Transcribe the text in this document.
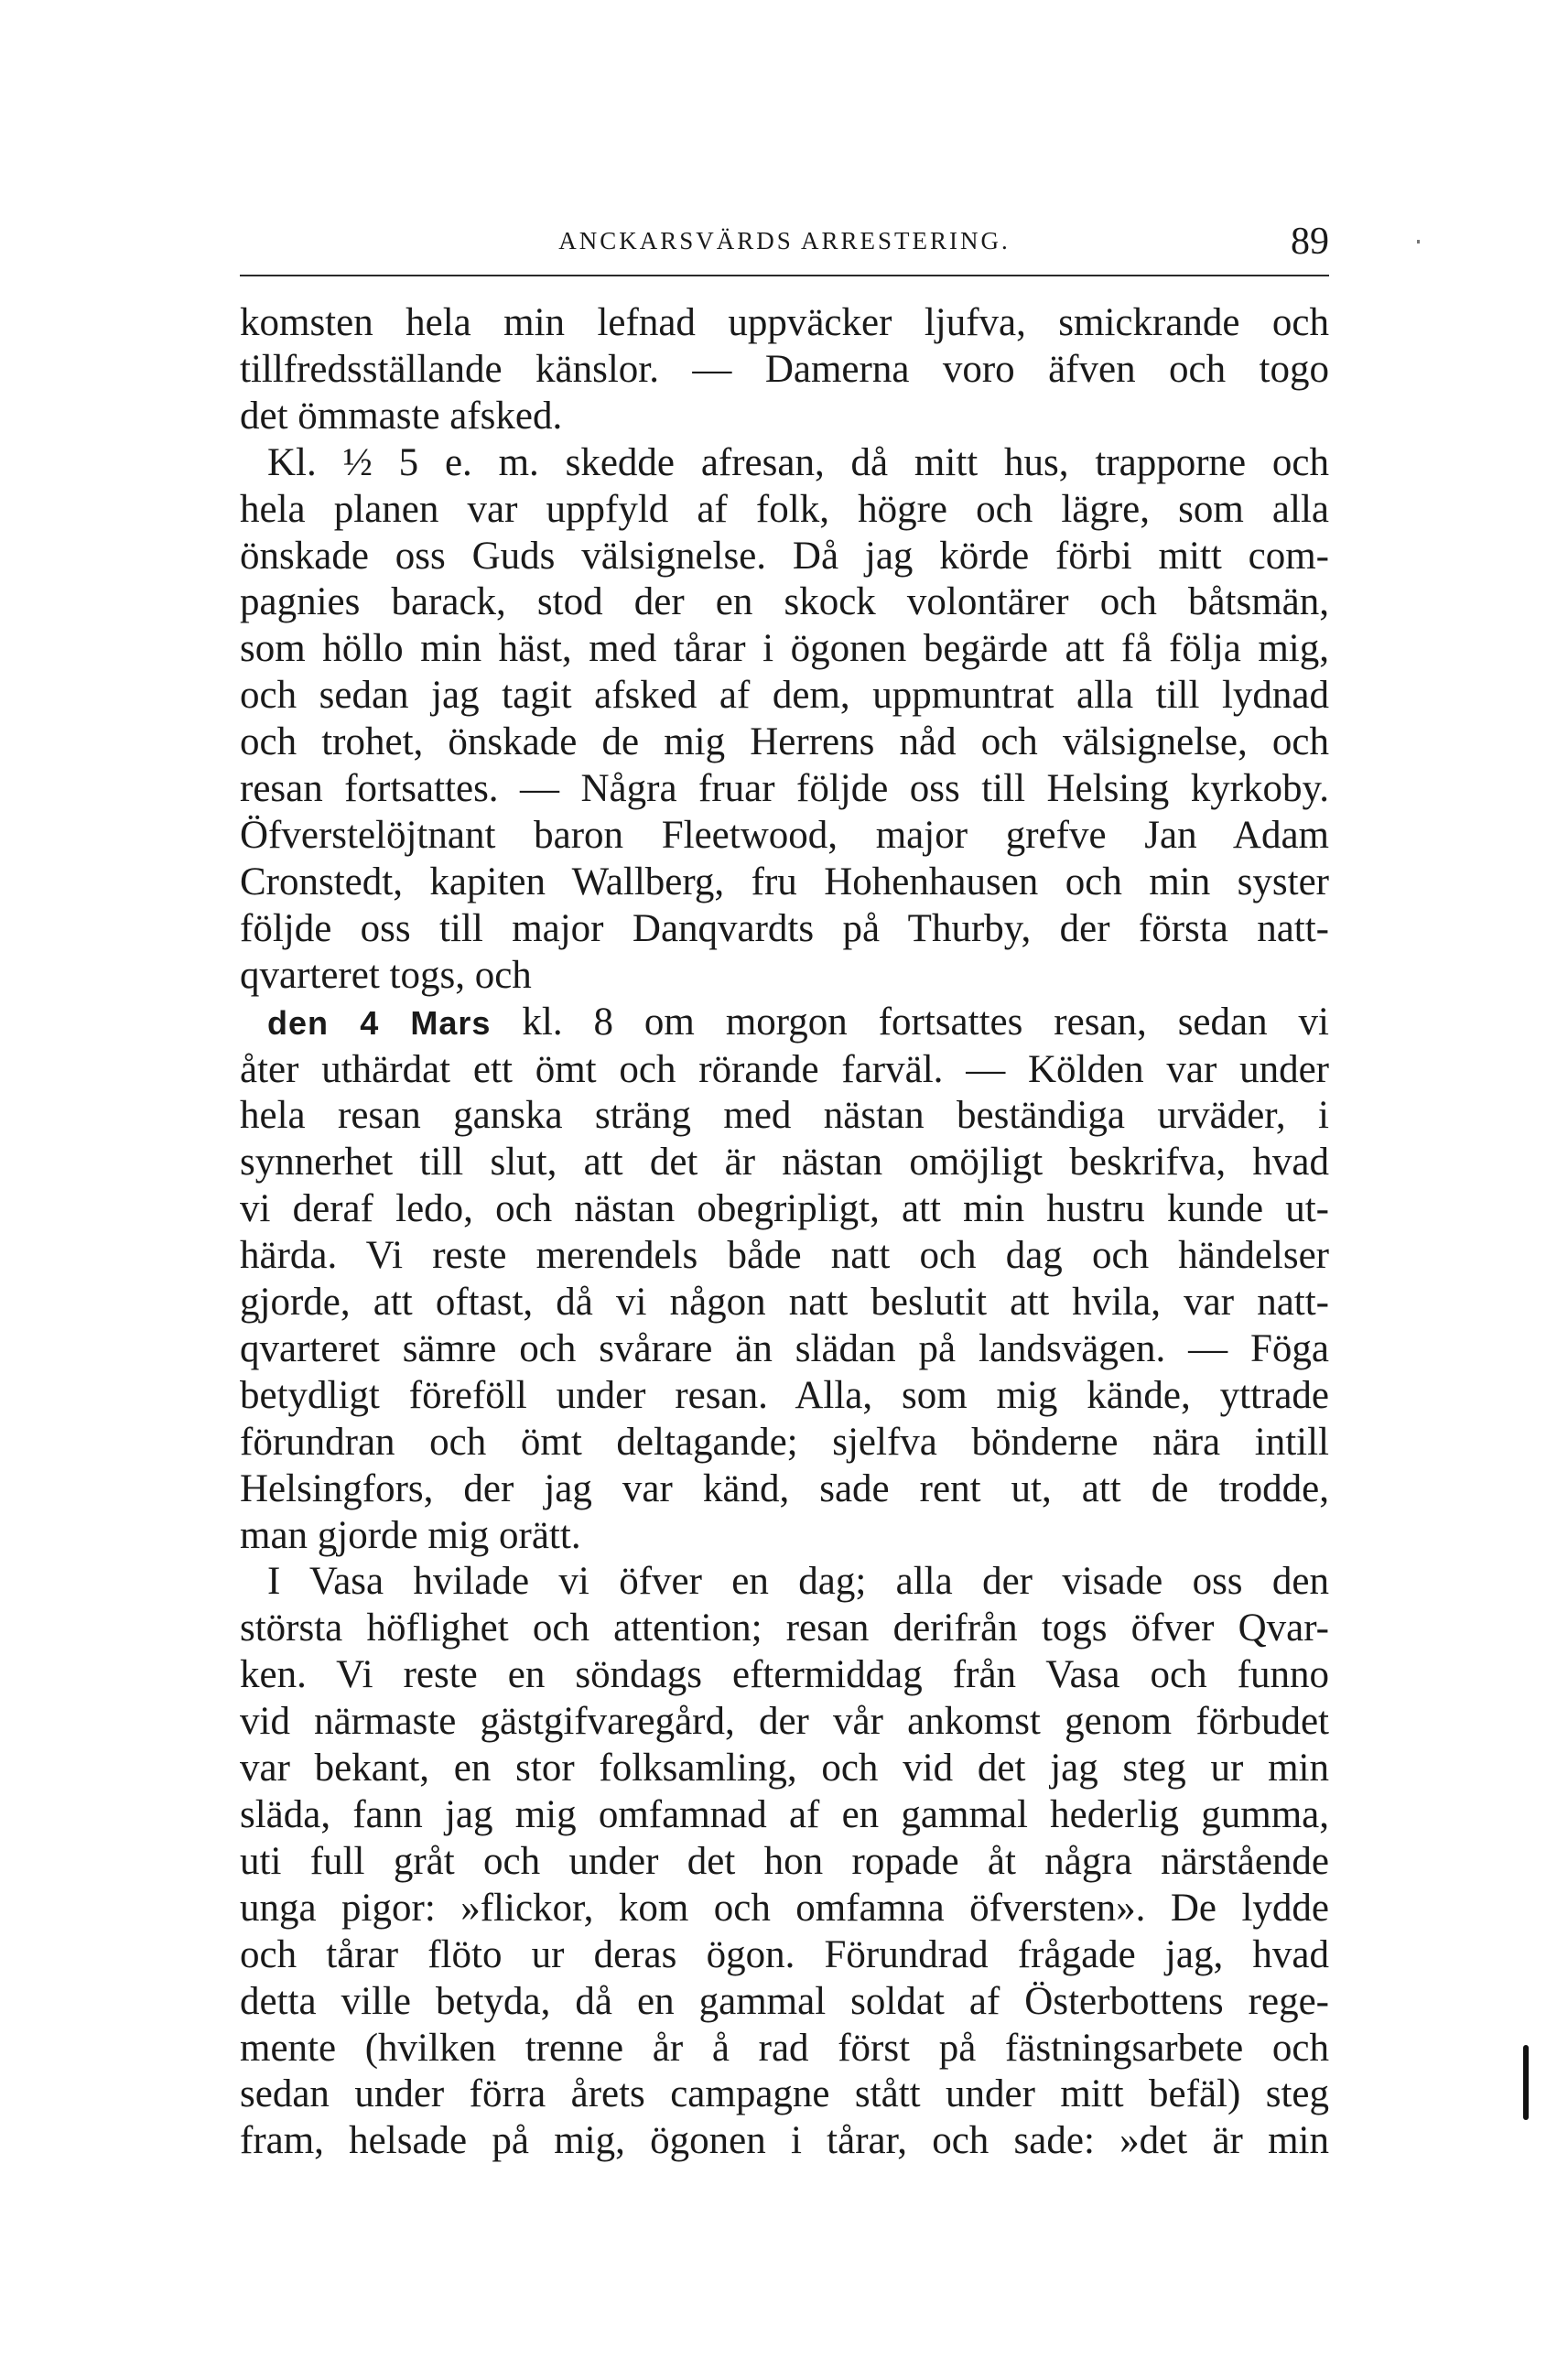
ANCKARSVÄRDS ARRESTERING.	89
komsten hela min lefnad uppväcker ljufva, smickrande och
tillfredsställande känslor. — Damerna voro äfven och togo
det ömmaste afsked.
Kl. ½ 5 e. m. skedde afresan, då mitt hus, trapporne och
hela planen var uppfyld af folk, högre och lägre, som alla
önskade oss Guds välsignelse. Då jag körde förbi mitt com-
pagnies barack, stod der en skock volontärer och båtsmän,
som höllo min häst, med tårar i ögonen begärde att få följa mig,
och sedan jag tagit afsked af dem, uppmuntrat alla till lydnad
och trohet, önskade de mig Herrens nåd och välsignelse, och
resan fortsattes. — Några fruar följde oss till Helsing kyrkoby.
Öfverstelöjtnant baron Fleetwood, major grefve Jan Adam
Cronstedt, kapiten Wallberg, fru Hohenhausen och min syster
följde oss till major Danqvardts på Thurby, der första natt-
qvarteret togs, och
den 4 Mars kl. 8 om morgon fortsattes resan, sedan vi
åter uthärdat ett ömt och rörande farväl. — Kölden var under
hela resan ganska sträng med nästan beständiga urväder, i
synnerhet till slut, att det är nästan omöjligt beskrifva, hvad
vi deraf ledo, och nästan obegripligt, att min hustru kunde ut-
härda. Vi reste merendels både natt och dag och händelser
gjorde, att oftast, då vi någon natt beslutit att hvila, var natt-
qvarteret sämre och svårare än slädan på landsvägen. — Föga
betydligt föreföll under resan. Alla, som mig kände, yttrade
förundran och ömt deltagande; sjelfva bönderne nära intill
Helsingfors, der jag var känd, sade rent ut, att de trodde,
man gjorde mig orätt.
I Vasa hvilade vi öfver en dag; alla der visade oss den
största höflighet och attention; resan derifrån togs öfver Qvar-
ken. Vi reste en söndags eftermiddag från Vasa och funno
vid närmaste gästgifvaregård, der vår ankomst genom förbudet
var bekant, en stor folksamling, och vid det jag steg ur min
släda, fann jag mig omfamnad af en gammal hederlig gumma,
uti full gråt och under det hon ropade åt några närstående
unga pigor: »flickor, kom och omfamna öfversten». De lydde
och tårar flöto ur deras ögon. Förundrad frågade jag, hvad
detta ville betyda, då en gammal soldat af Österbottens rege-
mente (hvilken trenne år å rad först på fästningsarbete och
sedan under förra årets campagne stått under mitt befäl) steg
fram, helsade på mig, ögonen i tårar, och sade: »det är min
